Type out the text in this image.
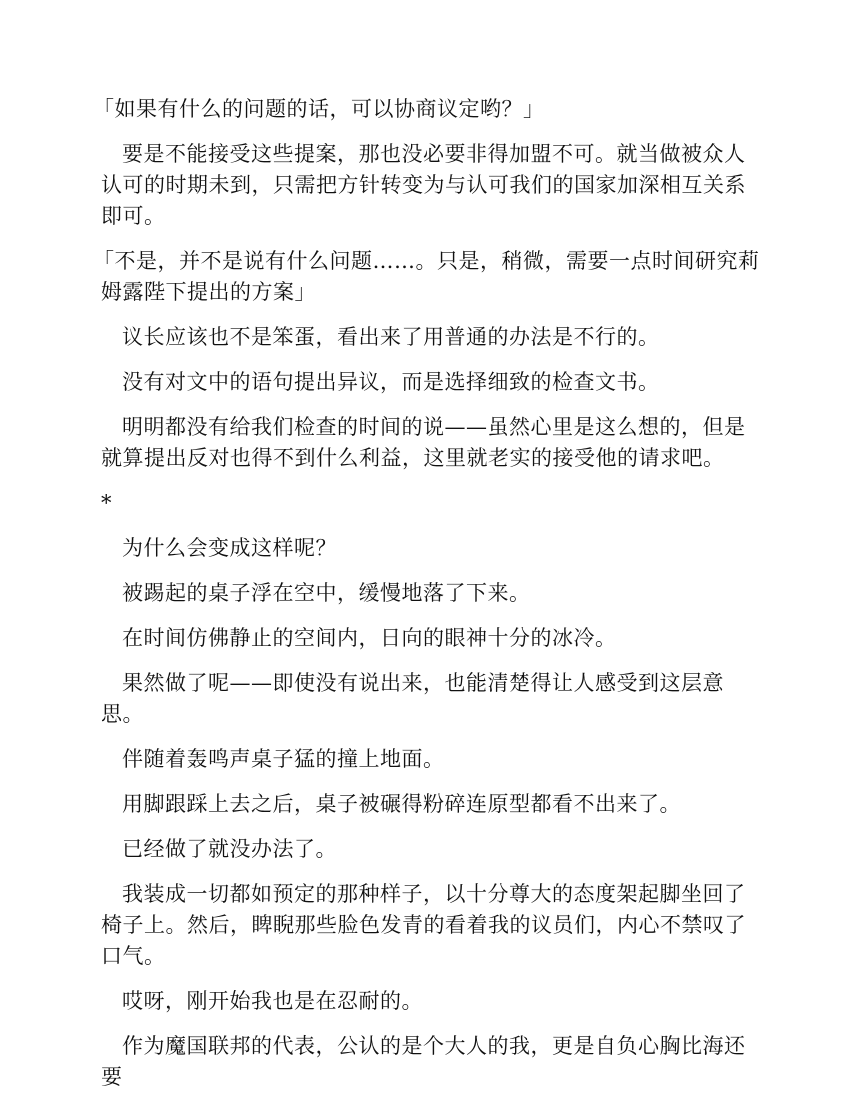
「如果有什么的问题的话，可以协商议定哟？」

要是不能接受这些提案，那也没必要非得加盟不可。就当做被众人认可的时期未到，只需把方针转变为与认可我们的国家加深相互关系即可。

「不是，并不是说有什么问题……。只是，稍微，需要一点时间研究莉姆露陛下提出的方案」

议长应该也不是笨蛋，看出来了用普通的办法是不行的。

没有对文中的语句提出异议，而是选择细致的检查文书。

明明都没有给我们检查的时间的说——虽然心里是这么想的，但是就算提出反对也得不到什么利益，这里就老实的接受他的请求吧。

*

为什么会变成这样呢？

被踢起的桌子浮在空中，缓慢地落了下来。

在时间仿佛静止的空间内，日向的眼神十分的冰冷。

果然做了呢——即使没有说出来，也能清楚得让人感受到这层意思。

伴随着轰鸣声桌子猛的撞上地面。

用脚跟踩上去之后，桌子被碾得粉碎连原型都看不出来了。

已经做了就没办法了。

我装成一切都如预定的那种样子，以十分尊大的态度架起脚坐回了椅子上。然后，睥睨那些脸色发青的看着我的议员们，内心不禁叹了口气。

哎呀，刚开始我也是在忍耐的。

作为魔国联邦的代表，公认的是个大人的我，更是自负心胸比海还要
